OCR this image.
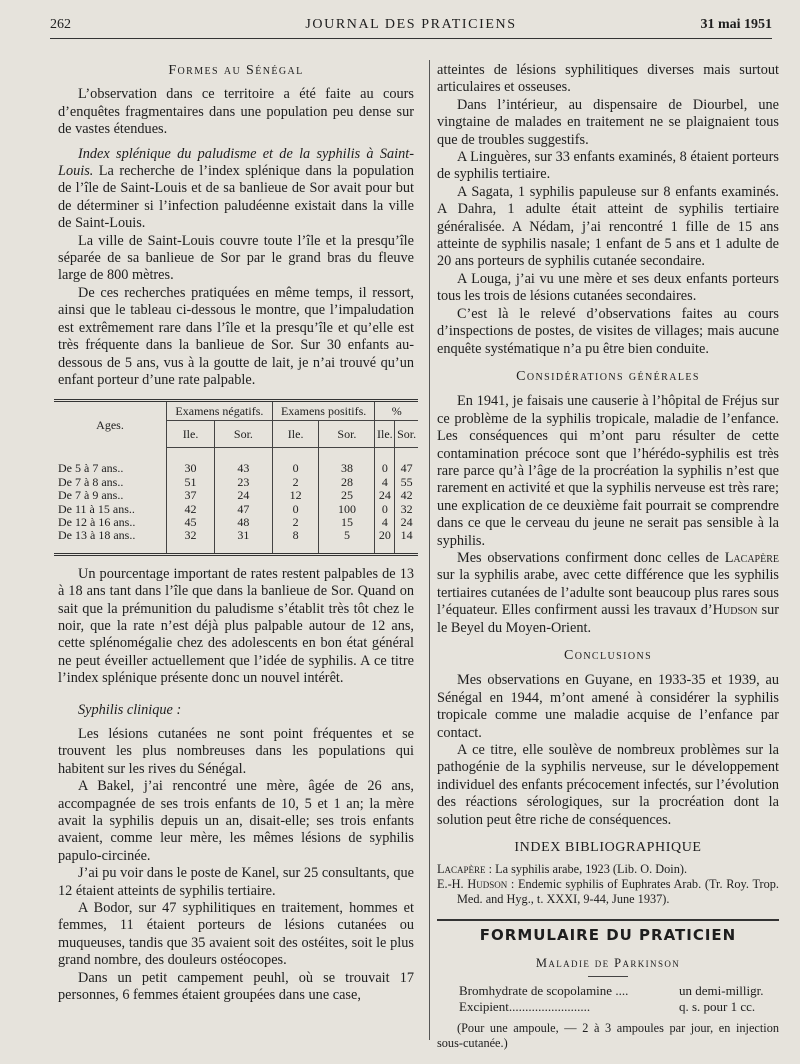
262	JOURNAL DES PRATICIENS	31 mai 1951

Formes au Sénégal

L’observation dans ce territoire a été faite au cours d’enquêtes fragmentaires dans une population peu dense sur de vastes étendues.

Index splénique du paludisme et de la syphilis à Saint-Louis. La recherche de l’index splénique dans la population de l’île de Saint-Louis et de sa banlieue de Sor avait pour but de déterminer si l’infection paludéenne existait dans la ville de Saint-Louis.

La ville de Saint-Louis couvre toute l’île et la presqu’île séparée de sa banlieue de Sor par le grand bras du fleuve large de 800 mètres.

De ces recherches pratiquées en même temps, il ressort, ainsi que le tableau ci-dessous le montre, que l’impaludation est extrêmement rare dans l’île et la presqu’île et qu’elle est très fréquente dans la banlieue de Sor. Sur 30 enfants au-dessous de 5 ans, vus à la goutte de lait, je n’ai trouvé qu’un enfant porteur d’une rate palpable.

Ages.	Examens négatifs.		Examens positifs.		%	
	Ile.	Sor.	Ile.	Sor.	Ile.	Sor.
De 5 à 7 ans..	30	43	0	38	0	47
De 7 à 8 ans..	51	23	2	28	4	55
De 7 à 9 ans..	37	24	12	25	24	42
De 11 à 15 ans..	42	47	0	100	0	32
De 12 à 16 ans..	45	48	2	15	4	24
De 13 à 18 ans..	32	31	8	5	20	14

Un pourcentage important de rates restent palpables de 13 à 18 ans tant dans l’île que dans la banlieue de Sor. Quand on sait que la prémunition du paludisme s’établit très tôt chez le noir, que la rate n’est déjà plus palpable autour de 12 ans, cette splénomégalie chez des adolescents en bon état général ne peut éveiller actuellement que l’idée de syphilis. A ce titre l’index splénique présente donc un nouvel intérêt.

Syphilis clinique :

Les lésions cutanées ne sont point fréquentes et se trouvent les plus nombreuses dans les populations qui habitent sur les rives du Sénégal.

A Bakel, j’ai rencontré une mère, âgée de 26 ans, accompagnée de ses trois enfants de 10, 5 et 1 an; la mère avait la syphilis depuis un an, disait-elle; ses trois enfants avaient, comme leur mère, les mêmes lésions de syphilis papulo-circinée.

J’ai pu voir dans le poste de Kanel, sur 25 consultants, que 12 étaient atteints de syphilis tertiaire.

A Bodor, sur 47 syphilitiques en traitement, hommes et femmes, 11 étaient porteurs de lésions cutanées ou muqueuses, tandis que 35 avaient soit des ostéites, soit le plus grand nombre, des douleurs ostéocopes.

Dans un petit campement peuhl, où se trouvait 17 personnes, 6 femmes étaient groupées dans une case,

atteintes de lésions syphilitiques diverses mais surtout articulaires et osseuses.

Dans l’intérieur, au dispensaire de Diourbel, une vingtaine de malades en traitement ne se plaignaient tous que de troubles suggestifs.

A Linguères, sur 33 enfants examinés, 8 étaient porteurs de syphilis tertiaire.

A Sagata, 1 syphilis papuleuse sur 8 enfants examinés. A Dahra, 1 adulte était atteint de syphilis tertiaire généralisée. A Nédam, j’ai rencontré 1 fille de 15 ans atteinte de syphilis nasale; 1 enfant de 5 ans et 1 adulte de 20 ans porteurs de syphilis cutanée secondaire.

A Louga, j’ai vu une mère et ses deux enfants porteurs tous les trois de lésions cutanées secondaires.

C’est là le relevé d’observations faites au cours d’inspections de postes, de visites de villages; mais aucune enquête systématique n’a pu être bien conduite.

Considérations générales

En 1941, je faisais une causerie à l’hôpital de Fréjus sur ce problème de la syphilis tropicale, maladie de l’enfance. Les conséquences qui m’ont paru résulter de cette contamination précoce sont que l’hérédo-syphilis est très rare parce qu’à l’âge de la procréation la syphilis n’est que rarement en activité et que la syphilis nerveuse est très rare; une explication de ce deuxième fait pourrait se comprendre dans ce que le cerveau du jeune ne serait pas sensible à la syphilis.

Mes observations confirment donc celles de Lacapère sur la syphilis arabe, avec cette différence que les syphilis tertiaires cutanées de l’adulte sont beaucoup plus rares sous l’équateur. Elles confirment aussi les travaux d’Hudson sur le Beyel du Moyen-Orient.

Conclusions

Mes observations en Guyane, en 1933-35 et 1939, au Sénégal en 1944, m’ont amené à considérer la syphilis tropicale comme une maladie acquise de l’enfance par contact.

A ce titre, elle soulève de nombreux problèmes sur la pathogénie de la syphilis nerveuse, sur le développement individuel des enfants précocement infectés, sur l’évolution des réactions sérologiques, sur la procréation dont la solution peut être riche de conséquences.

INDEX BIBLIOGRAPHIQUE

Lacapère : La syphilis arabe, 1923 (Lib. O. Doin).
E.-H. Hudson : Endemic syphilis of Euphrates Arab. (Tr. Roy. Trop. Med. and Hyg., t. XXXI, 9-44, June 1937).
FORMULAIRE DU PRATICIEN

Maladie de Parkinson

Bromhydrate de scopolamine ....	un demi-milligr.
Excipient.........................	q. s. pour 1 cc.

(Pour une ampoule, — 2 à 3 ampoules par jour, en injection sous-cutanée.)
